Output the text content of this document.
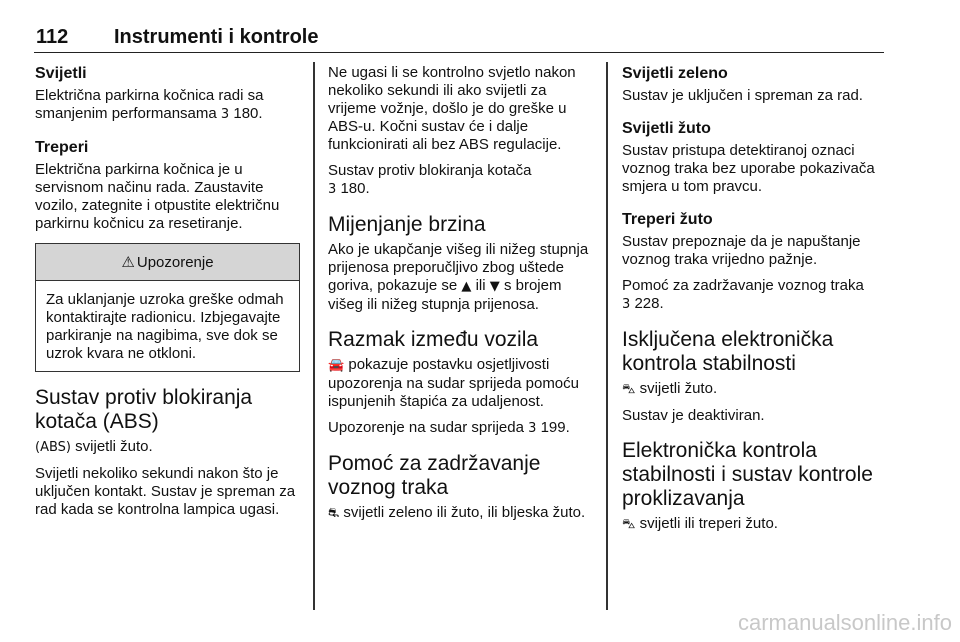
112 Instrumenti i kontrole
Svijetli

Električna parkirna kočnica radi sa smanjenim performansama 3 180.

Treperi

Električna parkirna kočnica je u servisnom načinu rada. Zaustavite vozilo, zategnite i otpustite električnu parkirnu kočnicu za resetiranje.

⚠ Upozorenje

Za uklanjanje uzroka greške odmah kontaktirajte radionicu. Izbjegavajte parkiranje na nagibima, sve dok se uzrok kvara ne otkloni.

Sustav protiv blokiranja kotača (ABS)

(ABS) svijetli žuto.

Svijetli nekoliko sekundi nakon što je uključen kontakt. Sustav je spreman za rad kada se kontrolna lampica ugasi.

Ne ugasi li se kontrolno svjetlo nakon nekoliko sekundi ili ako svijetli za vrijeme vožnje, došlo je do greške u ABS-u. Kočni sustav će i dalje funkcionirati ali bez ABS regulacije.

Sustav protiv blokiranja kotača
3 180.

Mijenjanje brzina

Ako je ukapčanje višeg ili nižeg stupnja prijenosa preporučljivo zbog uštede goriva, pokazuje se ▲ ili ▼ s brojem višeg ili nižeg stupnja prijenosa.

Razmak između vozila

🚘 pokazuje postavku osjetljivosti upozorenja na sudar sprijeda pomoću ispunjenih štapića za udaljenost.

Upozorenje na sudar sprijeda 3 199.

Pomoć za zadržavanje voznog traka

⛐ svijetli zeleno ili žuto, ili bljeska žuto.

Svijetli zeleno

Sustav je uključen i spreman za rad.

Svijetli žuto

Sustav pristupa detektiranoj oznaci voznog traka bez uporabe pokazivača smjera u tom pravcu.

Treperi žuto

Sustav prepoznaje da je napuštanje voznog traka vrijedno pažnje.

Pomoć za zadržavanje voznog traka
3 228.

Isključena elektronička kontrola stabilnosti

⛍ svijetli žuto.

Sustav je deaktiviran.

Elektronička kontrola stabilnosti i sustav kontrole proklizavanja

⛍ svijetli ili treperi žuto.

carmanualsonline.info
